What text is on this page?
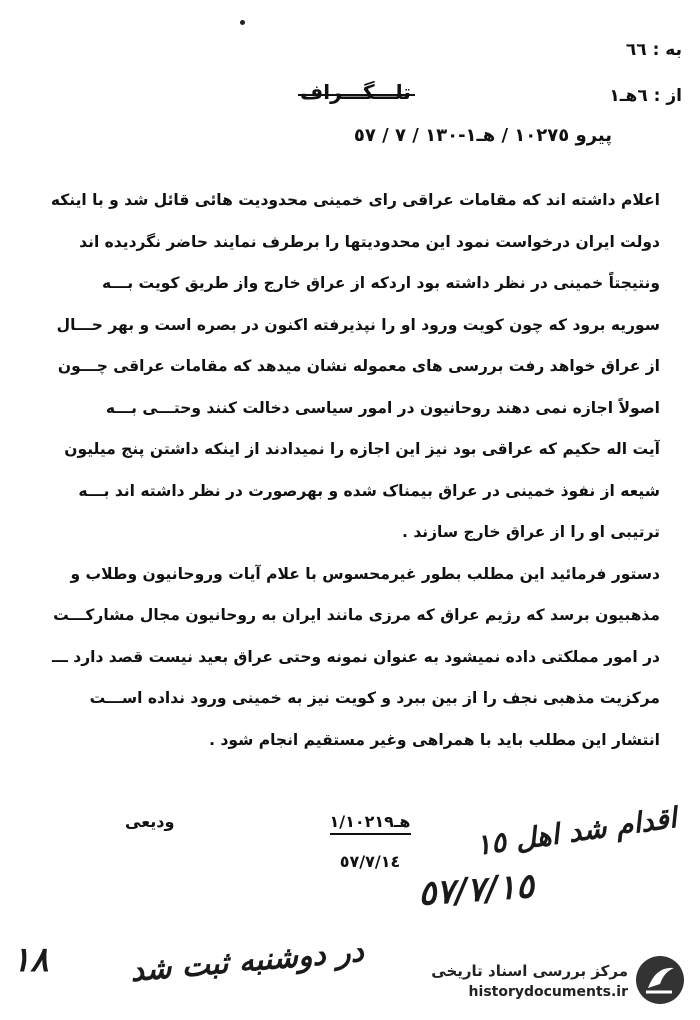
به : ٦٦
از : ٦هـ١
تلـــگـــراف
پیرو ١٠٢٧٥ / هـ١-١٣٠ / ٧ / ٥٧
اعلام داشته اند که مقامات عراقی رای خمینی محدودیت هائی قائل شد و با اینکه
دولت ایران درخواست نمود این محدودیتها را برطرف نمایند حاضر نگردیده اند
ونتیجتاً خمینی در نظر داشته بود اردکه از عراق خارج واز طریق کویت بـــه
سوریه برود که چون کویت ورود او را نپذیرفته اکنون در بصره است و بهر حـــال
از عراق خواهد رفت بررسی های معموله نشان میدهد که مقامات عراقی چـــون
اصولاً اجازه نمی دهند روحانیون در امور سیاسی دخالت کنند وحتـــی بـــه
آیت اله حکیم که عراقی بود نیز این اجازه را نمیدادند از اینکه داشتن پنج میلیون
شیعه از نفوذ خمینی در عراق بیمناک شده و بهرصورت در نظر داشته اند بـــه
ترتیبی او را از عراق خارج سازند .
دستور فرمائید این مطلب بطور غیرمحسوس با علام آیات وروحانیون وطلاب و
مذهبیون برسد که رژیم عراق که مرزی مانند ایران به روحانیون مجال مشارکـــت
در امور مملکتی داده نمیشود به عنوان نمونه وحتی عراق بعید نیست قصد دارد ـــ
مرکزیت مذهبی نجف را از بین ببرد و کویت نیز به خمینی ورود نداده اســـت
انتشار این مطلب باید با همراهی وغیر مستقیم انجام شود .
ودیعی	هـ١/١٠٢١٩
٥٧/٧/١٤	اقدام شد اهل ١٥
٥٧/٧/١٥
در دوشنبه ثبت شد
١٨	مرکز بررسی اسناد تاریخی
historydocuments.ir
